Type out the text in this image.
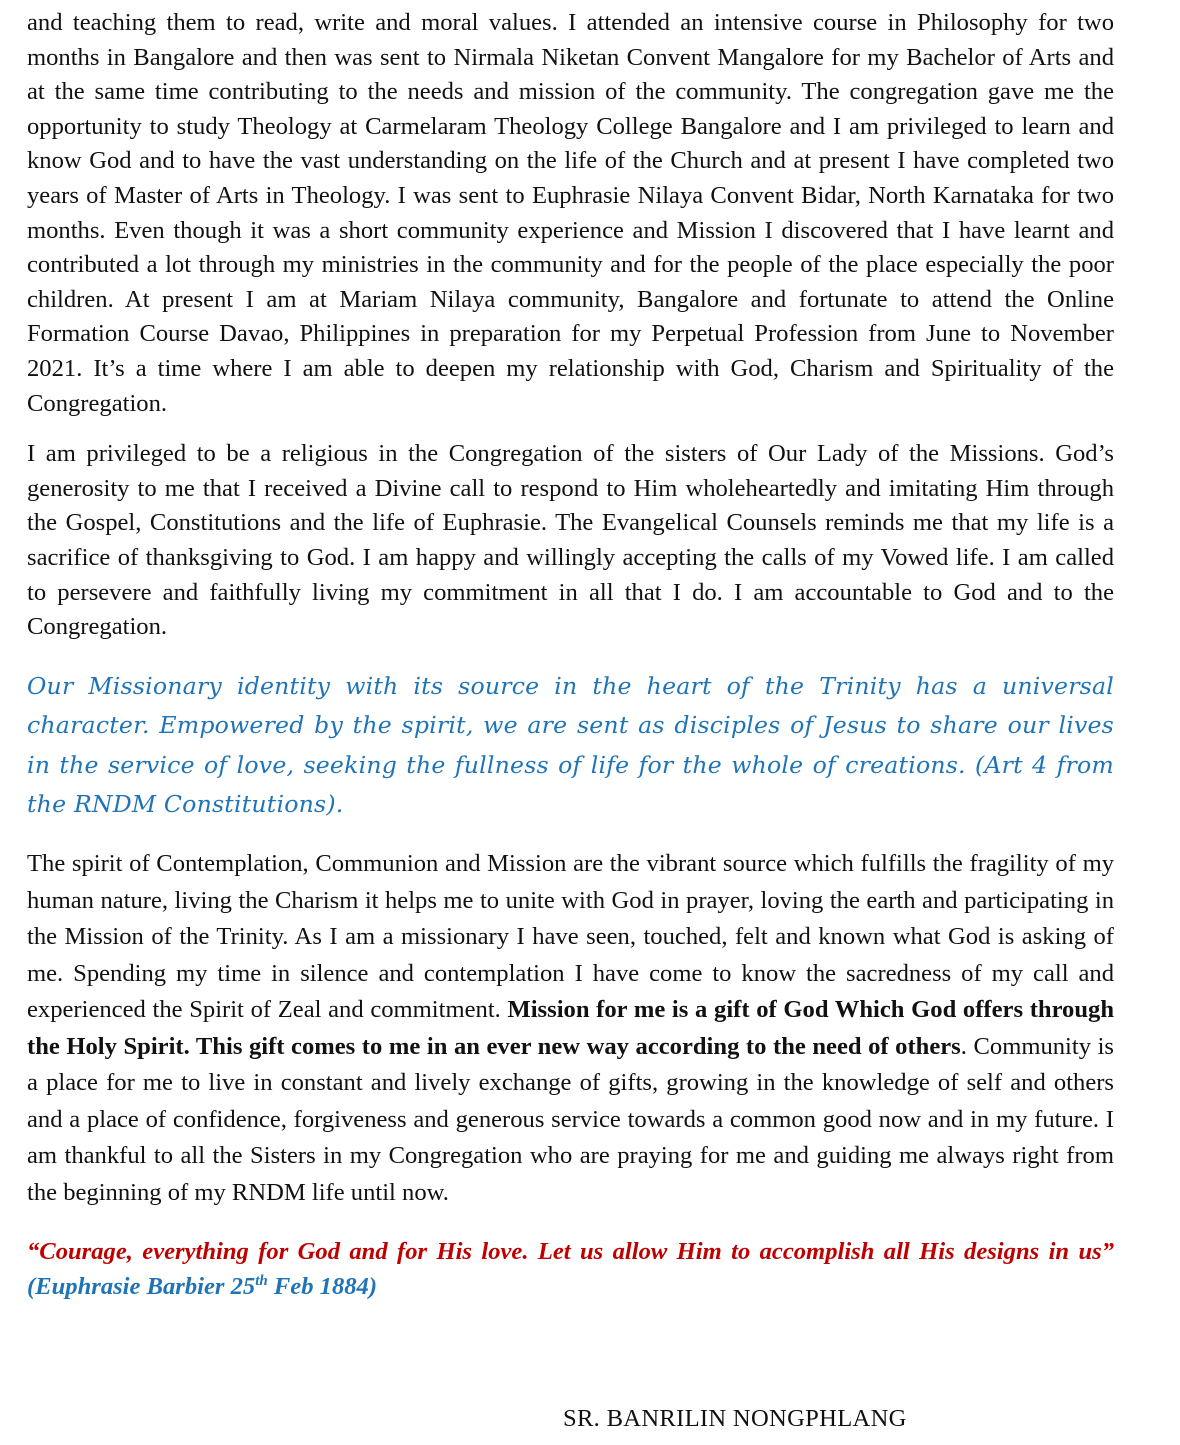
and teaching them to read, write and moral values. I attended an intensive course in Philosophy for two months in Bangalore and then was sent to Nirmala Niketan Convent Mangalore for my Bachelor of Arts and at the same time contributing to the needs and mission of the community. The congregation gave me the opportunity to study Theology at Carmelaram Theology College Bangalore and I am privileged to learn and know God and to have the vast understanding on the life of the Church and at present I have completed two years of Master of Arts in Theology. I was sent to Euphrasie Nilaya Convent Bidar, North Karnataka for two months. Even though it was a short community experience and Mission I discovered that I have learnt and contributed a lot through my ministries in the community and for the people of the place especially the poor children. At present I am at Mariam Nilaya community, Bangalore and fortunate to attend the Online Formation Course Davao, Philippines in preparation for my Perpetual Profession from June to November 2021. It’s a time where I am able to deepen my relationship with God, Charism and Spirituality of the Congregation.

I am privileged to be a religious in the Congregation of the sisters of Our Lady of the Missions. God’s generosity to me that I received a Divine call to respond to Him wholeheartedly and imitating Him through the Gospel, Constitutions and the life of Euphrasie. The Evangelical Counsels reminds me that my life is a sacrifice of thanksgiving to God. I am happy and willingly accepting the calls of my Vowed life. I am called to persevere and faithfully living my commitment in all that I do. I am accountable to God and to the Congregation.

Our Missionary identity with its source in the heart of the Trinity has a universal character. Empowered by the spirit, we are sent as disciples of Jesus to share our lives in the service of love, seeking the fullness of life for the whole of creations. (Art 4 from the RNDM Constitutions).

The spirit of Contemplation, Communion and Mission are the vibrant source which fulfills the fragility of my human nature, living the Charism it helps me to unite with God in prayer, loving the earth and participating in the Mission of the Trinity. As I am a missionary I have seen, touched, felt and known what God is asking of me. Spending my time in silence and contemplation I have come to know the sacredness of my call and experienced the Spirit of Zeal and commitment. Mission for me is a gift of God Which God offers through the Holy Spirit. This gift comes to me in an ever new way according to the need of others. Community is a place for me to live in constant and lively exchange of gifts, growing in the knowledge of self and others and a place of confidence, forgiveness and generous service towards a common good now and in my future. I am thankful to all the Sisters in my Congregation who are praying for me and guiding me always right from the beginning of my RNDM life until now.

“Courage, everything for God and for His love. Let us allow Him to accomplish all His designs in us” (Euphrasie Barbier 25th Feb 1884)

SR. BANRILIN NONGPHLANG
